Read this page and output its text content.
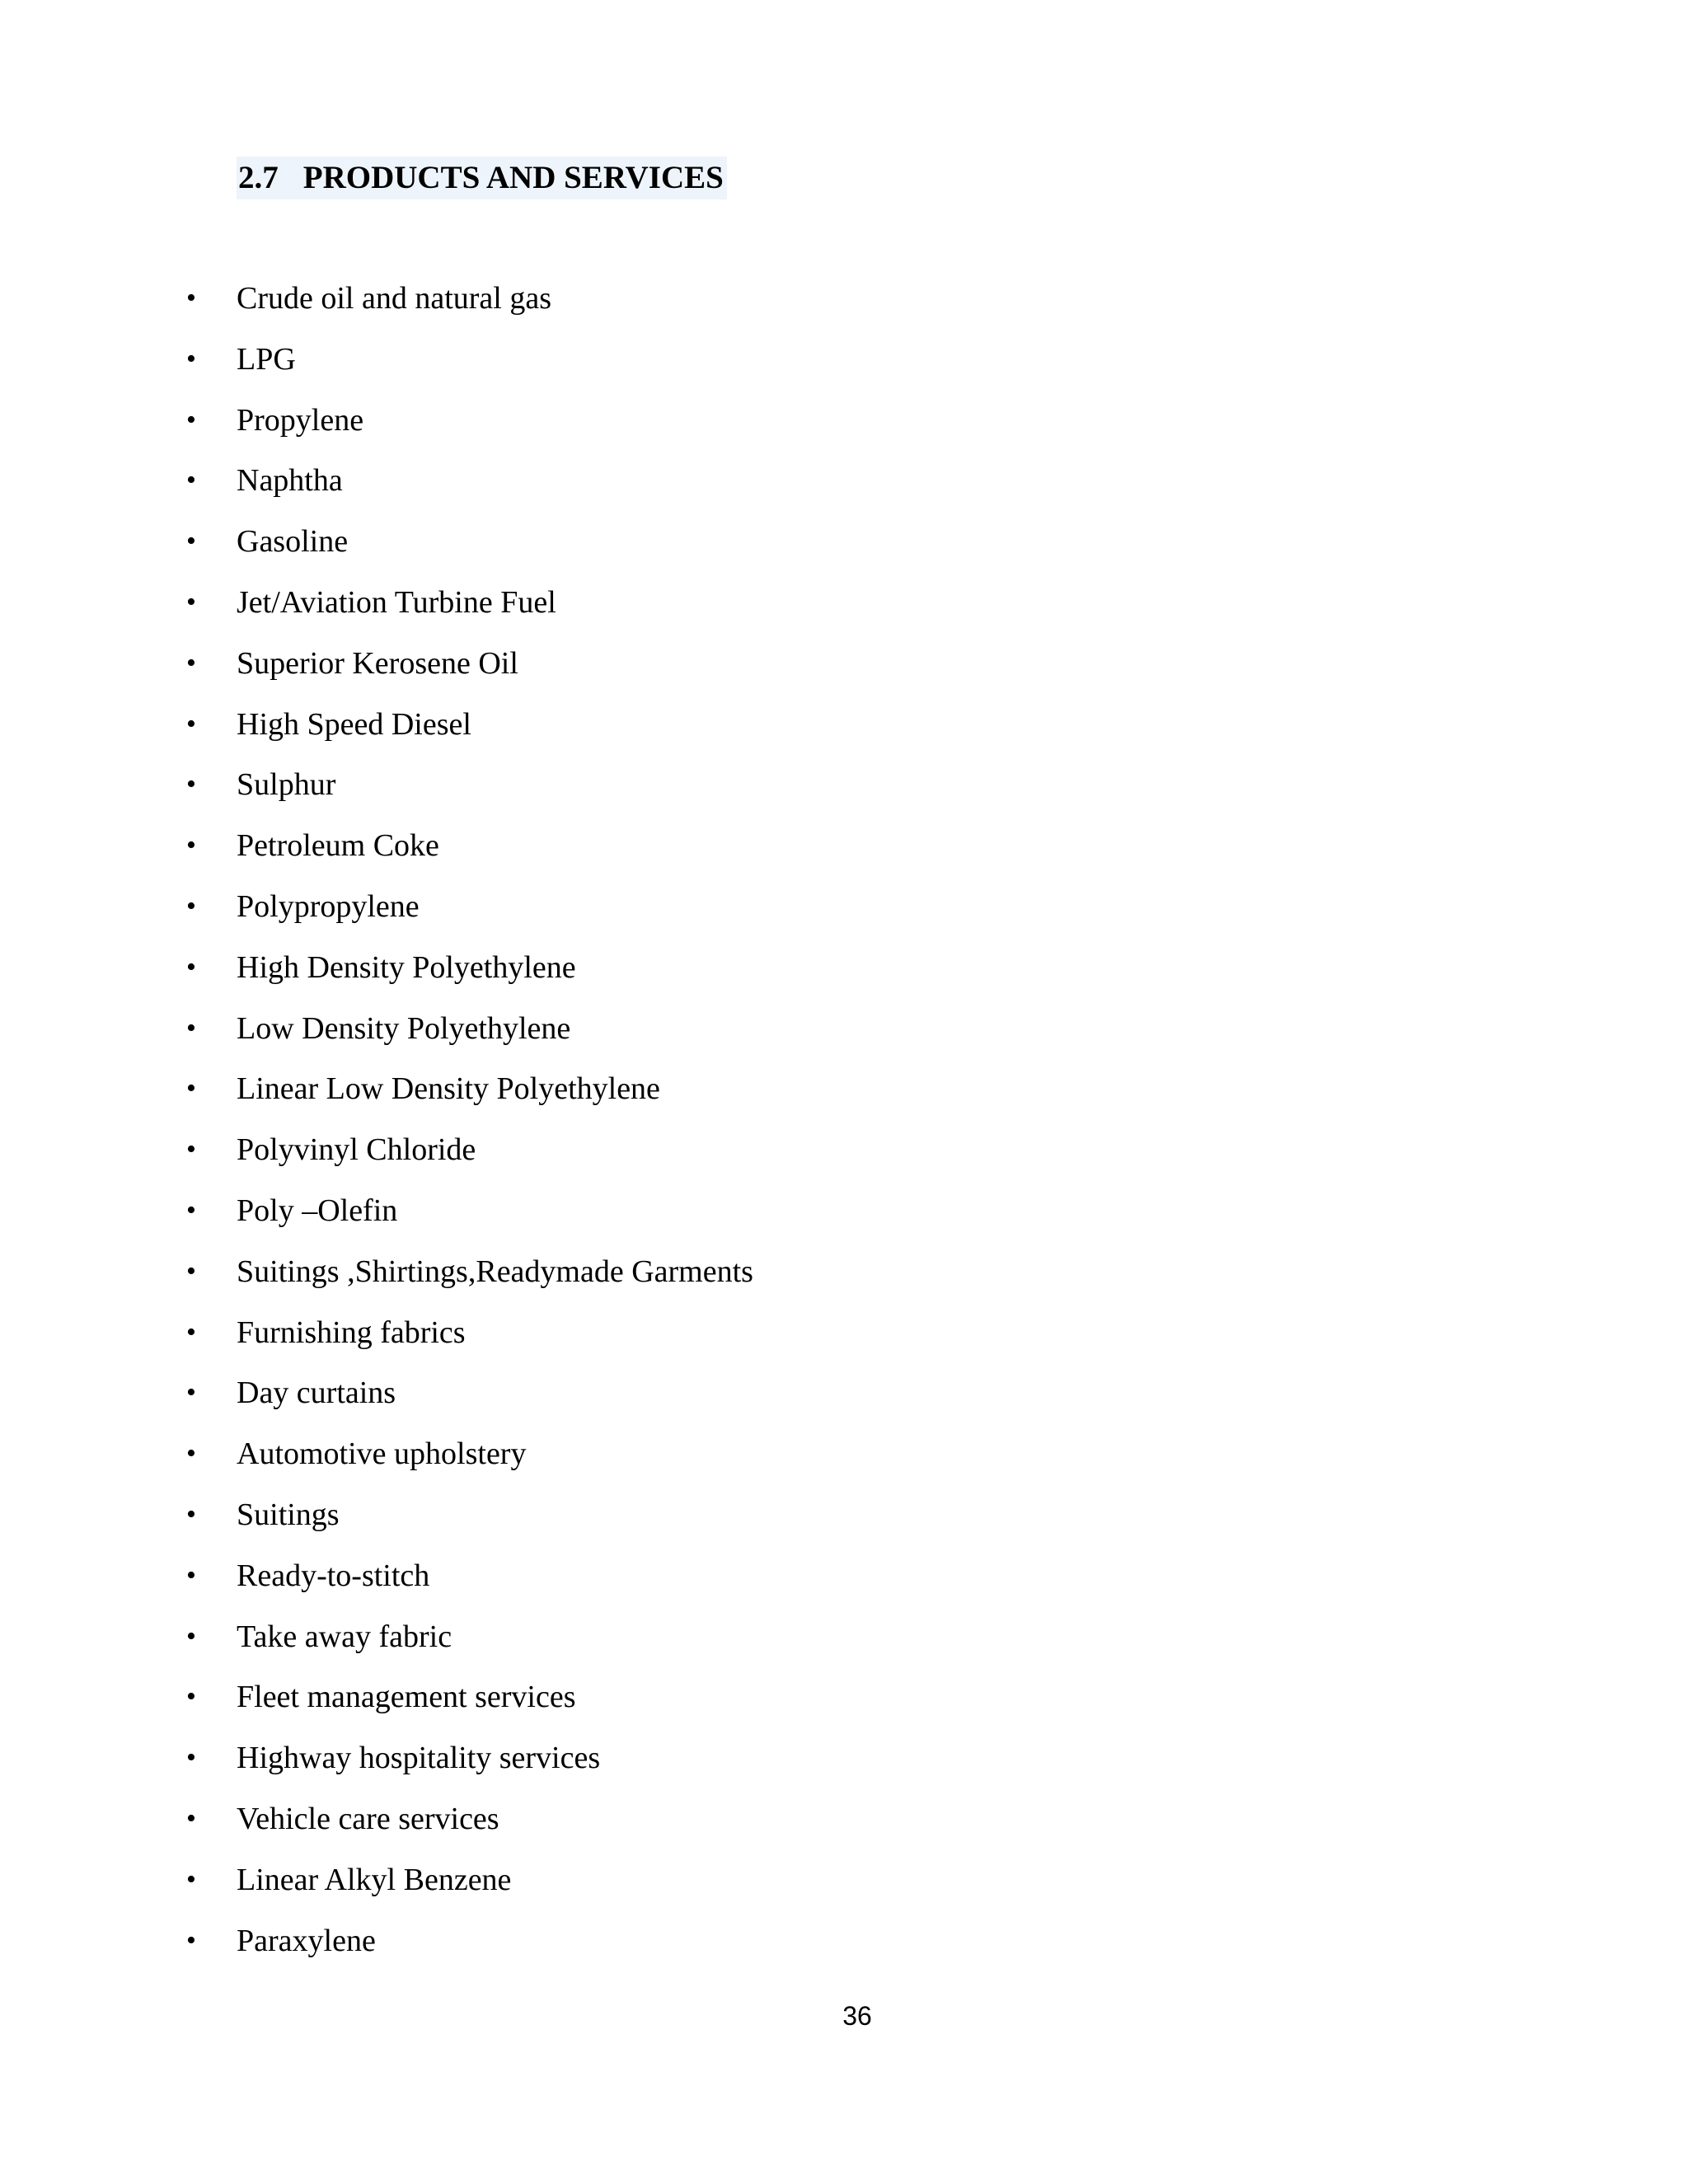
2.7 PRODUCTS AND SERVICES
• Crude oil and natural gas
• LPG
• Propylene
• Naphtha
• Gasoline
• Jet/Aviation Turbine Fuel
• Superior Kerosene Oil
• High Speed Diesel
• Sulphur
• Petroleum Coke
• Polypropylene
• High Density Polyethylene
• Low Density Polyethylene
• Linear Low Density Polyethylene
• Polyvinyl Chloride
• Poly –Olefin
• Suitings ,Shirtings,Readymade Garments
• Furnishing fabrics
• Day curtains
• Automotive upholstery
• Suitings
• Ready-to-stitch
• Take away fabric
• Fleet management services
• Highway hospitality services
• Vehicle care services
• Linear Alkyl Benzene
• Paraxylene
36
